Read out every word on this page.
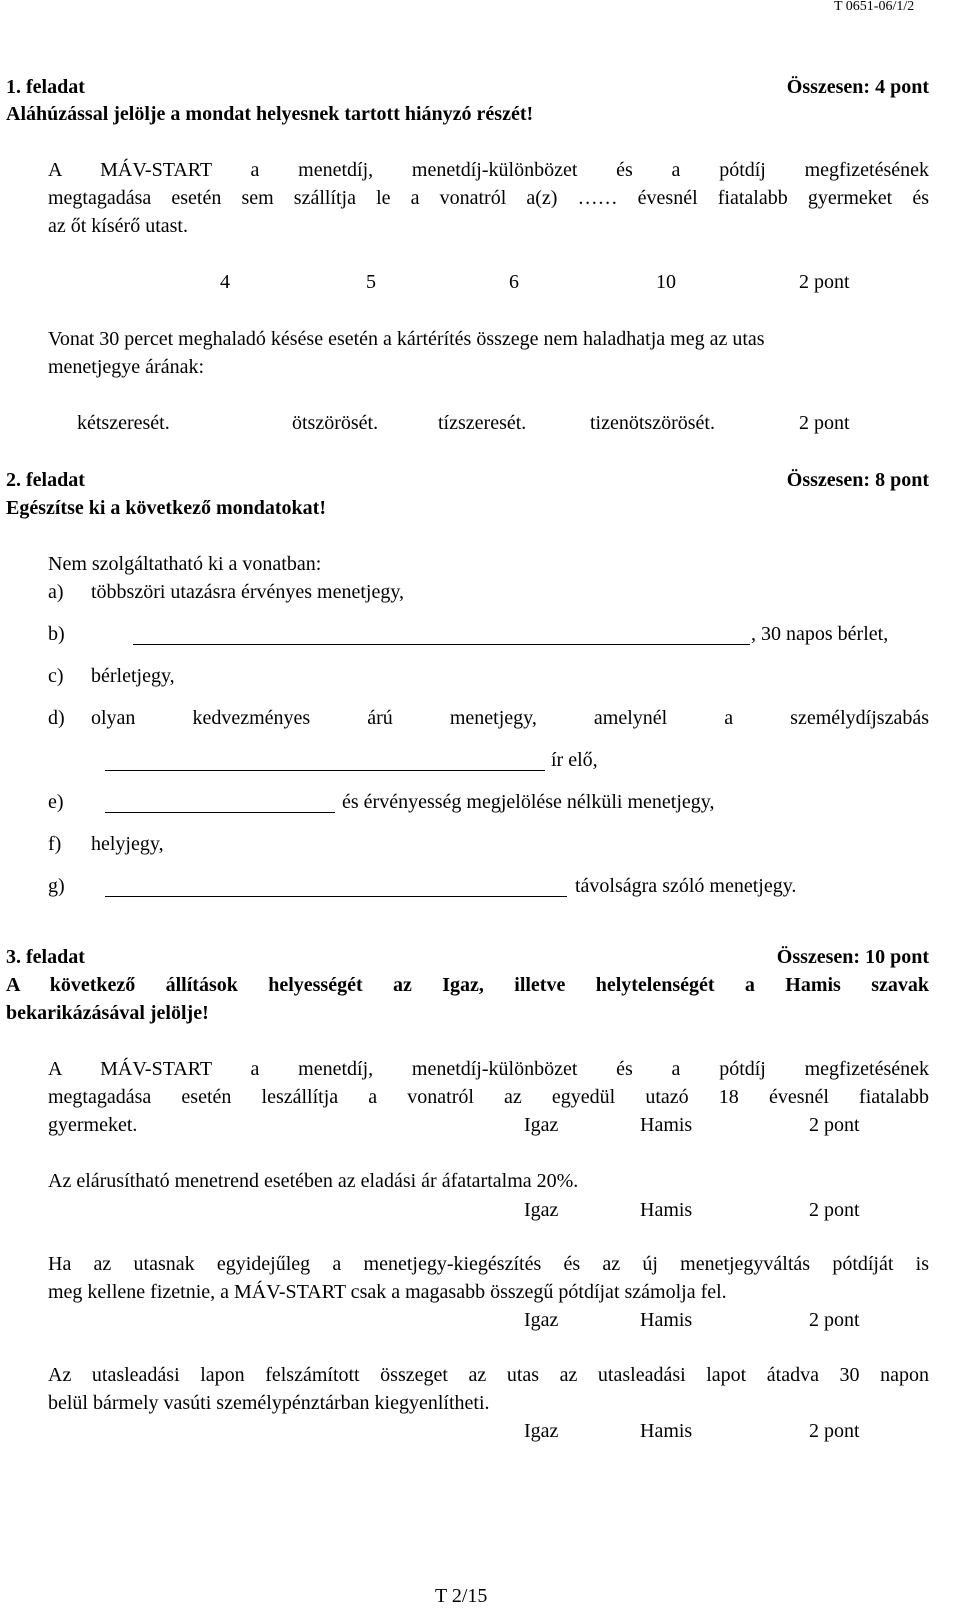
T 0651-06/1/2
1. feladat	Összesen: 4 pont
Aláhúzással jelölje a mondat helyesnek tartott hiányzó részét!
A MÁV-START a menetdíj, menetdíj-különbözet és a pótdíj megfizetésének
megtagadása esetén sem szállítja le a vonatról a(z) …… évesnél fiatalabb gyermeket és
az őt kísérő utast.
4	5	6	10	2 pont
Vonat 30 percet meghaladó késése esetén a kártérítés összege nem haladhatja meg az utas
menetjegye árának:
kétszeresét.	ötszörösét.	tízszeresét.	tizenötszörösét.	2 pont
2. feladat	Összesen: 8 pont
Egészítse ki a következő mondatokat!
Nem szolgáltatható ki a vonatban:
a) többszöri utazásra érvényes menetjegy,
b)	, 30 napos bérlet,
c) bérletjegy,
d) olyan kedvezményes árú menetjegy, amelynél a személydíjszabás
ír elő,
e)	és érvényesség megjelölése nélküli menetjegy,
f) helyjegy,
g)	távolságra szóló menetjegy.
3. feladat	Összesen: 10 pont
A következő állítások helyességét az Igaz, illetve helytelenségét a Hamis szavak
bekarikázásával jelölje!
A MÁV-START a menetdíj, menetdíj-különbözet és a pótdíj megfizetésének
megtagadása esetén leszállítja a vonatról az egyedül utazó 18 évesnél fiatalabb
gyermeket.	Igaz	Hamis	2 pont
Az elárusítható menetrend esetében az eladási ár áfatartalma 20%.
Igaz	Hamis	2 pont
Ha az utasnak egyidejűleg a menetjegy-kiegészítés és az új menetjegyváltás pótdíját is
meg kellene fizetnie, a MÁV-START csak a magasabb összegű pótdíjat számolja fel.
Igaz	Hamis	2 pont
Az utasleadási lapon felszámított összeget az utas az utasleadási lapot átadva 30 napon
belül bármely vasúti személypénztárban kiegyenlítheti.
Igaz	Hamis	2 pont
T 2/15
